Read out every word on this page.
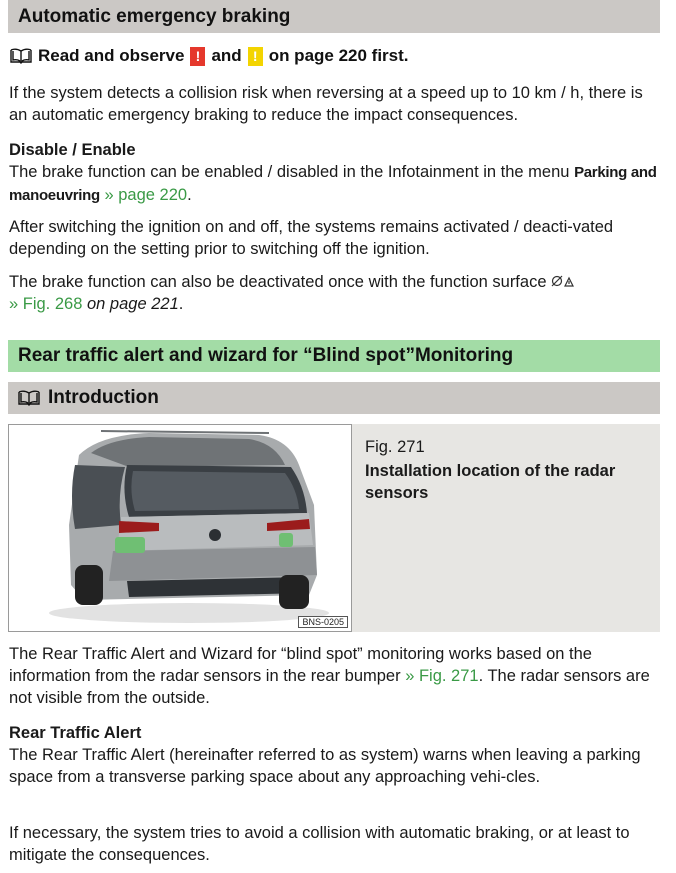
Automatic emergency braking
Read and observe ! and ! on page 220 first.
If the system detects a collision risk when reversing at a speed up to 10 km / h, there is an automatic emergency braking to reduce the impact consequences.
Disable / Enable
The brake function can be enabled / disabled in the Infotainment in the menu Parking and manoeuvring » page 220.
After switching the ignition on and off, the systems remains activated / deacti-vated depending on the setting prior to switching off the ignition.
The brake function can also be deactivated once with the function surface
» Fig. 268 on page 221.
Rear traffic alert and wizard for “Blind spot”Monitoring
Introduction
BNS-0205
Fig. 271
Installation location of the radar sensors
The Rear Traffic Alert and Wizard for “blind spot” monitoring works based on the information from the radar sensors in the rear bumper » Fig. 271. The radar sensors are not visible from the outside.
Rear Traffic Alert
The Rear Traffic Alert (hereinafter referred to as system) warns when leaving a parking space from a transverse parking space about any approaching vehi-cles.
If necessary, the system tries to avoid a collision with automatic braking, or at least to mitigate the consequences.
